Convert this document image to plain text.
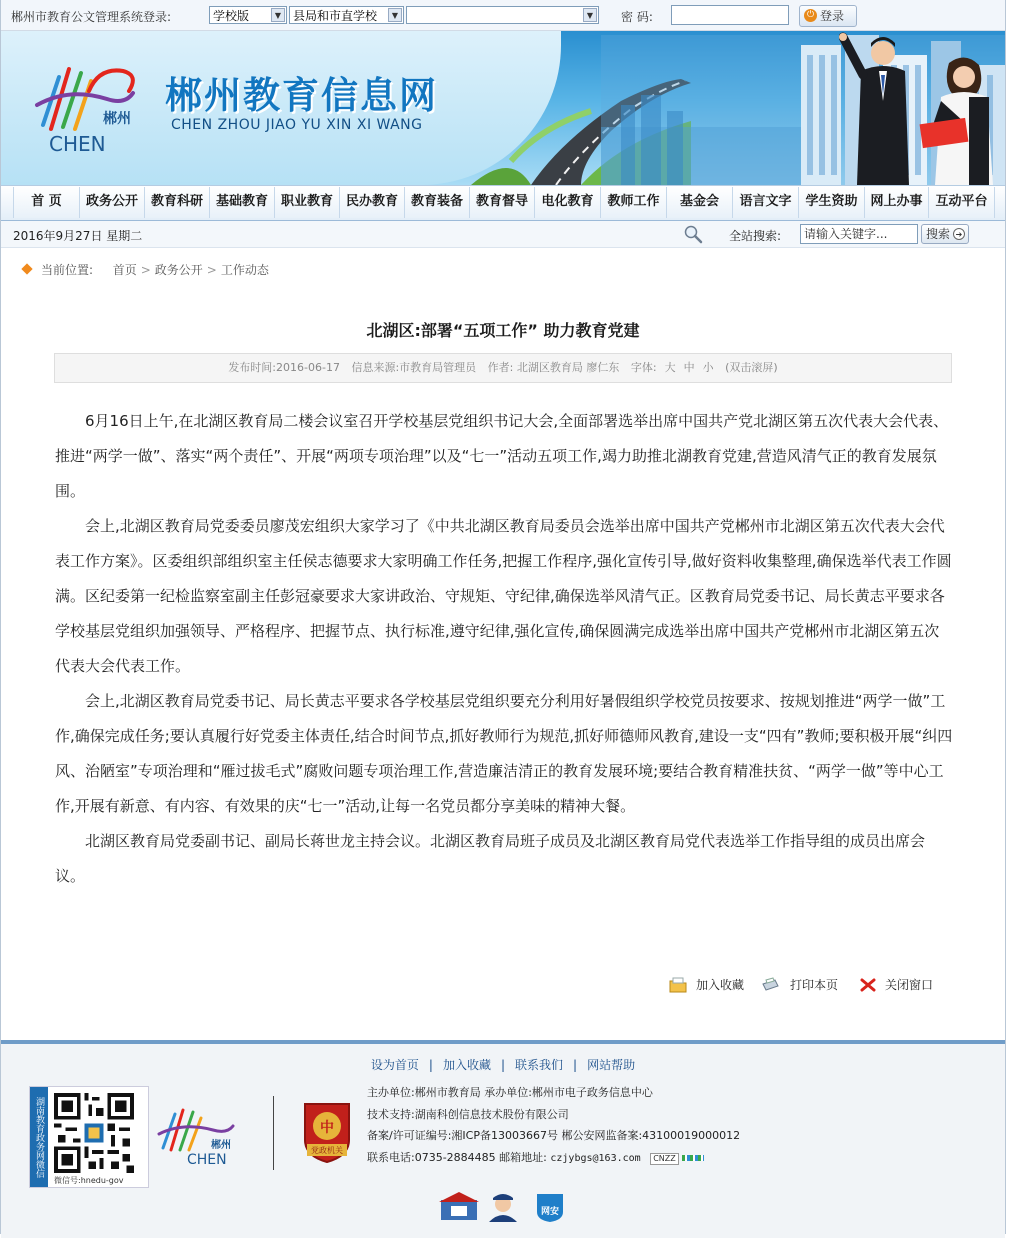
郴州市教育公文管理系统登录:	学校版	▼ 县局和市直学校	▼	▼	密 码:	⏻ 登录
郴州
CHEN
郴州教育信息网
CHEN ZHOU JIAO YU XIN XI WANG
首 页	政务公开 教育科研 基础教育 职业教育 民办教育 教育装备 教育督导	电化教育	教师工作	基金会	语言文字	学生资助 网上办事 互动平台
2016年9月27日 星期二	全站搜索:	请输入关键字...	搜索 ➔
当前位置: 首页 > 政务公开 > 工作动态
北湖区:部署“五项工作” 助力教育党建
发布时间:2016-06-17 信息来源:市教育局管理员 作者: 北湖区教育局 廖仁东 字体: 大 中 小 (双击滚屏)

6月16日上午,在北湖区教育局二楼会议室召开学校基层党组织书记大会,全面部署选举出席中国共产党北湖区第五次代表大会代表、推进“两学一做”、落实“两个责任”、开展“两项专项治理”以及“七一”活动五项工作,竭力助推北湖教育党建,营造风清气正的教育发展氛围。

会上,北湖区教育局党委委员廖茂宏组织大家学习了《中共北湖区教育局委员会选举出席中国共产党郴州市北湖区第五次代表大会代表工作方案》。区委组织部组织室主任侯志德要求大家明确工作任务,把握工作程序,强化宣传引导,做好资料收集整理,确保选举代表工作圆满。区纪委第一纪检监察室副主任彭冠豪要求大家讲政治、守规矩、守纪律,确保选举风清气正。区教育局党委书记、局长黄志平要求各学校基层党组织加强领导、严格程序、把握节点、执行标准,遵守纪律,强化宣传,确保圆满完成选举出席中国共产党郴州市北湖区第五次代表大会代表工作。

会上,北湖区教育局党委书记、局长黄志平要求各学校基层党组织要充分利用好暑假组织学校党员按要求、按规划推进“两学一做”工作,确保完成任务;要认真履行好党委主体责任,结合时间节点,抓好教师行为规范,抓好师德师风教育,建设一支“四有”教师;要积极开展“纠四风、治陋室”专项治理和“雁过拔毛式”腐败问题专项治理工作,营造廉洁清正的教育发展环境;要结合教育精准扶贫、“两学一做”等中心工作,开展有新意、有内容、有效果的庆“七一”活动,让每一名党员都分享美味的精神大餐。

北湖区教育局党委副书记、副局长蒋世龙主持会议。北湖区教育局班子成员及北湖区教育局党代表选举工作指导组的成员出席会议。

加入收藏	打印本页	关闭窗口
设为首页 | 加入收藏 | 联系我们 | 网站帮助
湖南教育政务网微信
微信号:hnedu-gov
郴州
CHEN
中
党政机关
主办单位:郴州市教育局 承办单位:郴州市电子政务信息中心
技术支持:湖南科创信息技术股份有限公司
备案/许可证编号:湘ICP备13003667号 郴公安网监备案:43100019000012
联系电话:0735-2884485 邮箱地址: czjybgs@163.com CNZZ
网安
